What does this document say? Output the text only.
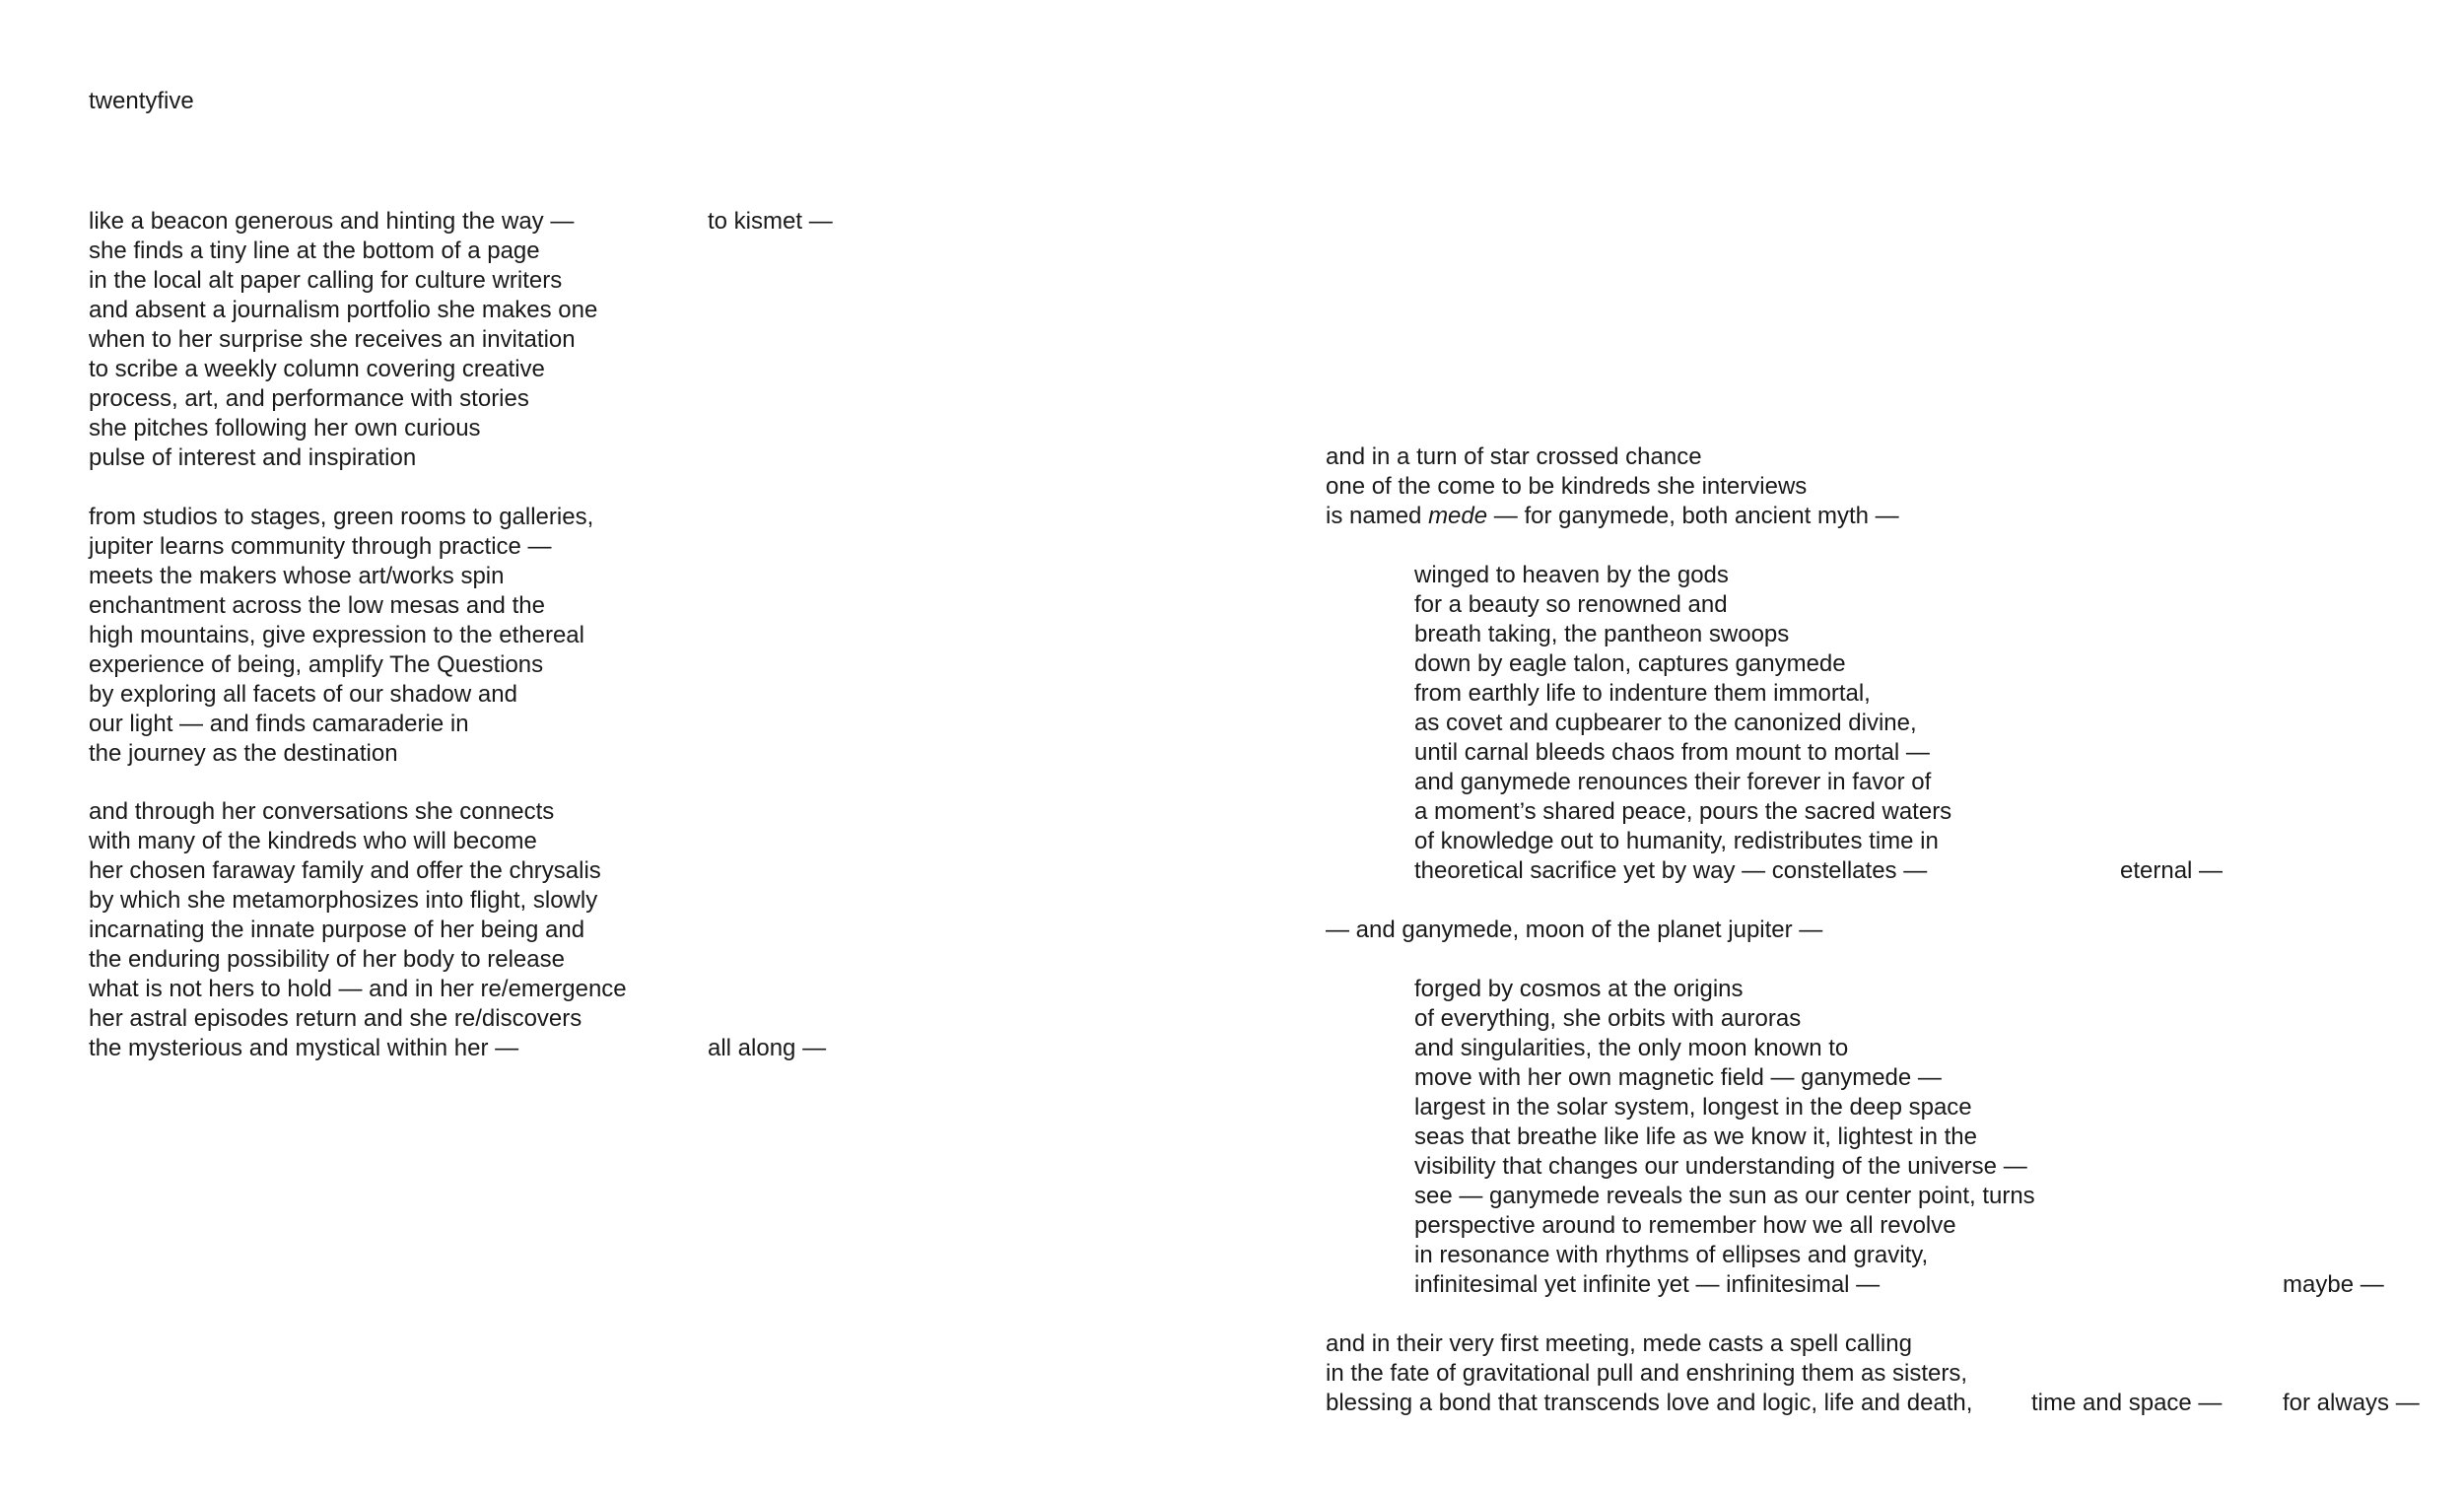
twentyfive
like a beacon generous and hinting the way —
she finds a tiny line at the bottom of a page
in the local alt paper calling for culture writers
and absent a journalism portfolio she makes one
when to her surprise she receives an invitation
to scribe a weekly column covering creative
process, art, and performance with stories
she pitches following her own curious
pulse of interest and inspiration
to kismet —
from studios to stages, green rooms to galleries,
jupiter learns community through practice —
meets the makers whose art/works spin
enchantment across the low mesas and the
high mountains, give expression to the ethereal
experience of being, amplify The Questions
by exploring all facets of our shadow and
our light — and finds camaraderie in
the journey as the destination
and through her conversations she connects
with many of the kindreds who will become
her chosen faraway family and offer the chrysalis
by which she metamorphosizes into flight, slowly
incarnating the innate purpose of her being and
the enduring possibility of her body to release
what is not hers to hold — and in her re/emergence
her astral episodes return and she re/discovers
the mysterious and mystical within her —	all along —
and in a turn of star crossed chance
one of the come to be kindreds she interviews
is named mede — for ganymede, both ancient myth —
winged to heaven by the gods
for a beauty so renowned and
breath taking, the pantheon swoops
down by eagle talon, captures ganymede
from earthly life to indenture them immortal,
as covet and cupbearer to the canonized divine,
until carnal bleeds chaos from mount to mortal —
and ganymede renounces their forever in favor of
a moment’s shared peace, pours the sacred waters
of knowledge out to humanity, redistributes time in
theoretical sacrifice yet by way — constellates —	eternal —
— and ganymede, moon of the planet jupiter —
forged by cosmos at the origins
of everything, she orbits with auroras
and singularities, the only moon known to
move with her own magnetic field — ganymede —
largest in the solar system, longest in the deep space
seas that breathe like life as we know it, lightest in the
visibility that changes our understanding of the universe —
see — ganymede reveals the sun as our center point, turns
perspective around to remember how we all revolve
in resonance with rhythms of ellipses and gravity,
infinitesimal yet infinite yet — infinitesimal —	maybe —
and in their very first meeting, mede casts a spell calling
in the fate of gravitational pull and enshrining them as sisters,
blessing a bond that transcends love and logic, life and death, time and space —	for always —
